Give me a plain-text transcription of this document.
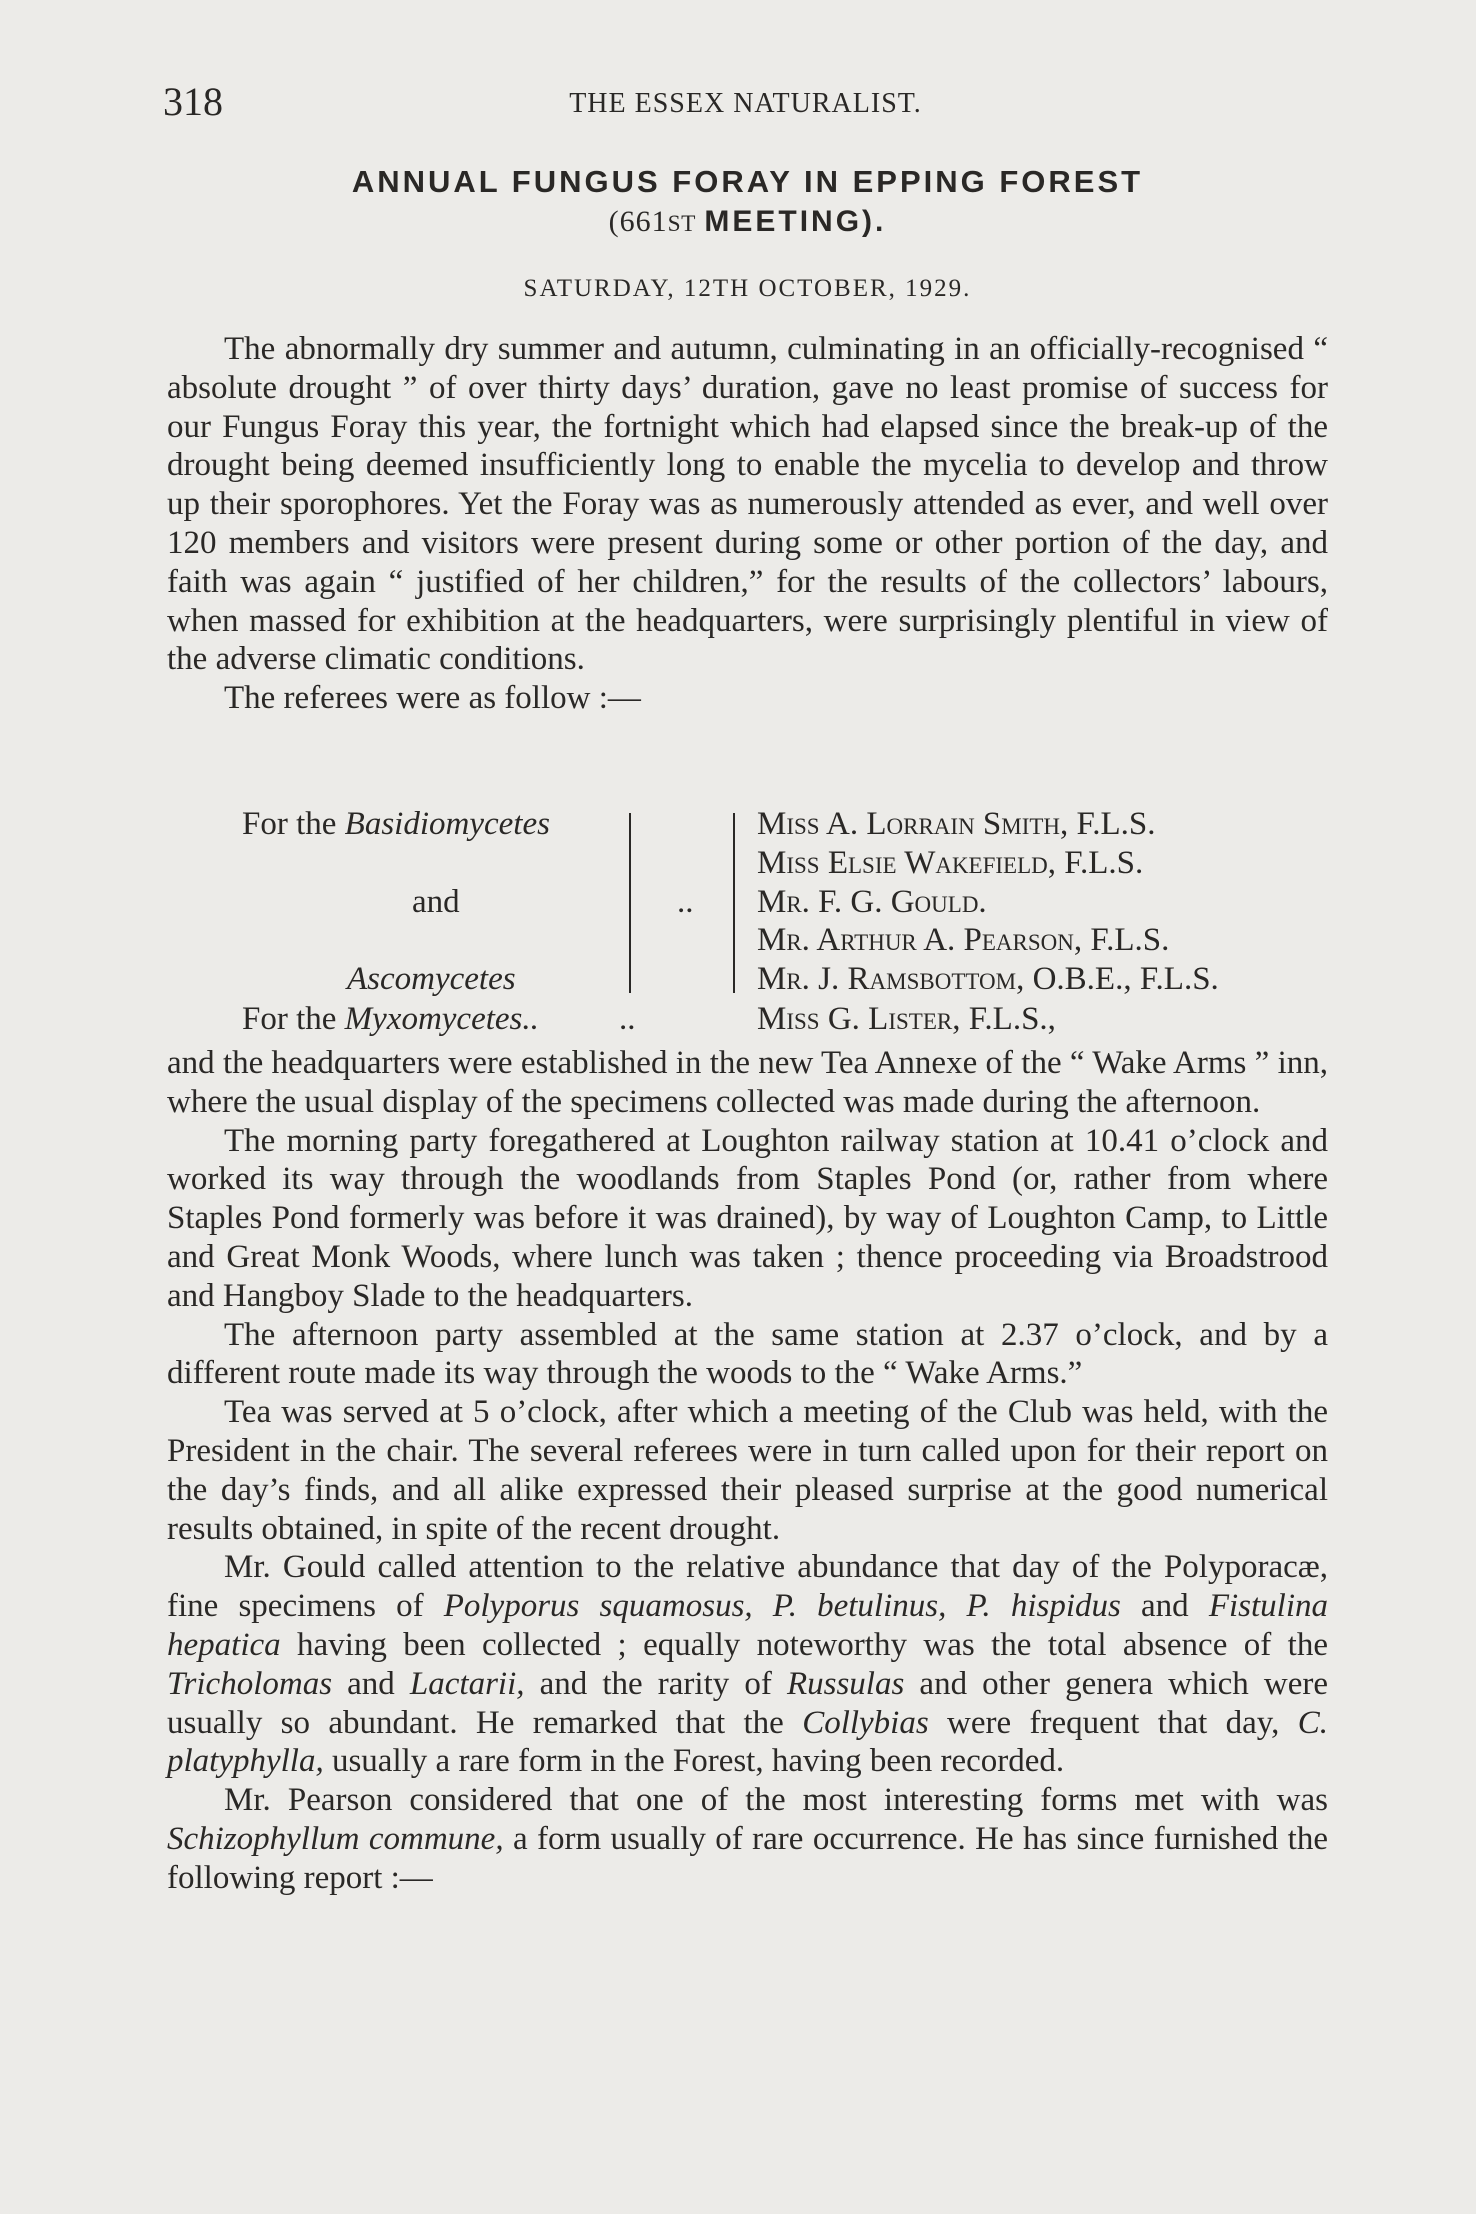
318	THE ESSEX NATURALIST.
ANNUAL FUNGUS FORAY IN EPPING FOREST
(661ST MEETING).
SATURDAY, 12TH OCTOBER, 1929.

The abnormally dry summer and autumn, culminating in an officially-recognised “ absolute drought ” of over thirty days’ duration, gave no least promise of success for our Fungus Foray this year, the fortnight which had elapsed since the break-up of the drought being deemed insufficiently long to enable the mycelia to develop and throw up their sporophores. Yet the Foray was as numerously attended as ever, and well over 120 members and visitors were present during some or other portion of the day, and faith was again “ justified of her children,” for the results of the collectors’ labours, when massed for exhibition at the headquarters, were surprisingly plentiful in view of the adverse climatic conditions.

The referees were as follow :—

For the Basidiomycetes
and
Ascomycetes
..
Miss A. Lorrain Smith, F.L.S.
Miss Elsie Wakefield, F.L.S.
Mr. F. G. Gould.
Mr. Arthur A. Pearson, F.L.S.
Mr. J. Ramsbottom, O.B.E., F.L.S.
For the Myxomycetes.. ..	Miss G. Lister, F.L.S.,

and the headquarters were established in the new Tea Annexe of the “ Wake Arms ” inn, where the usual display of the specimens collected was made during the afternoon.

The morning party foregathered at Loughton railway station at 10.41 o’clock and worked its way through the woodlands from Staples Pond (or, rather from where Staples Pond formerly was before it was drained), by way of Loughton Camp, to Little and Great Monk Woods, where lunch was taken ; thence proceeding via Broadstrood and Hangboy Slade to the headquarters.

The afternoon party assembled at the same station at 2.37 o’clock, and by a different route made its way through the woods to the “ Wake Arms.”

Tea was served at 5 o’clock, after which a meeting of the Club was held, with the President in the chair. The several referees were in turn called upon for their report on the day’s finds, and all alike expressed their pleased surprise at the good numerical results obtained, in spite of the recent drought.

Mr. Gould called attention to the relative abundance that day of the Polyporacæ, fine specimens of Polyporus squamosus, P. betulinus, P. hispidus and Fistulina hepatica having been collected ; equally noteworthy was the total absence of the Tricholomas and Lactarii, and the rarity of Russulas and other genera which were usually so abundant. He remarked that the Collybias were frequent that day, C. platyphylla, usually a rare form in the Forest, having been recorded.

Mr. Pearson considered that one of the most interesting forms met with was Schizophyllum commune, a form usually of rare occurrence. He has since furnished the following report :—
